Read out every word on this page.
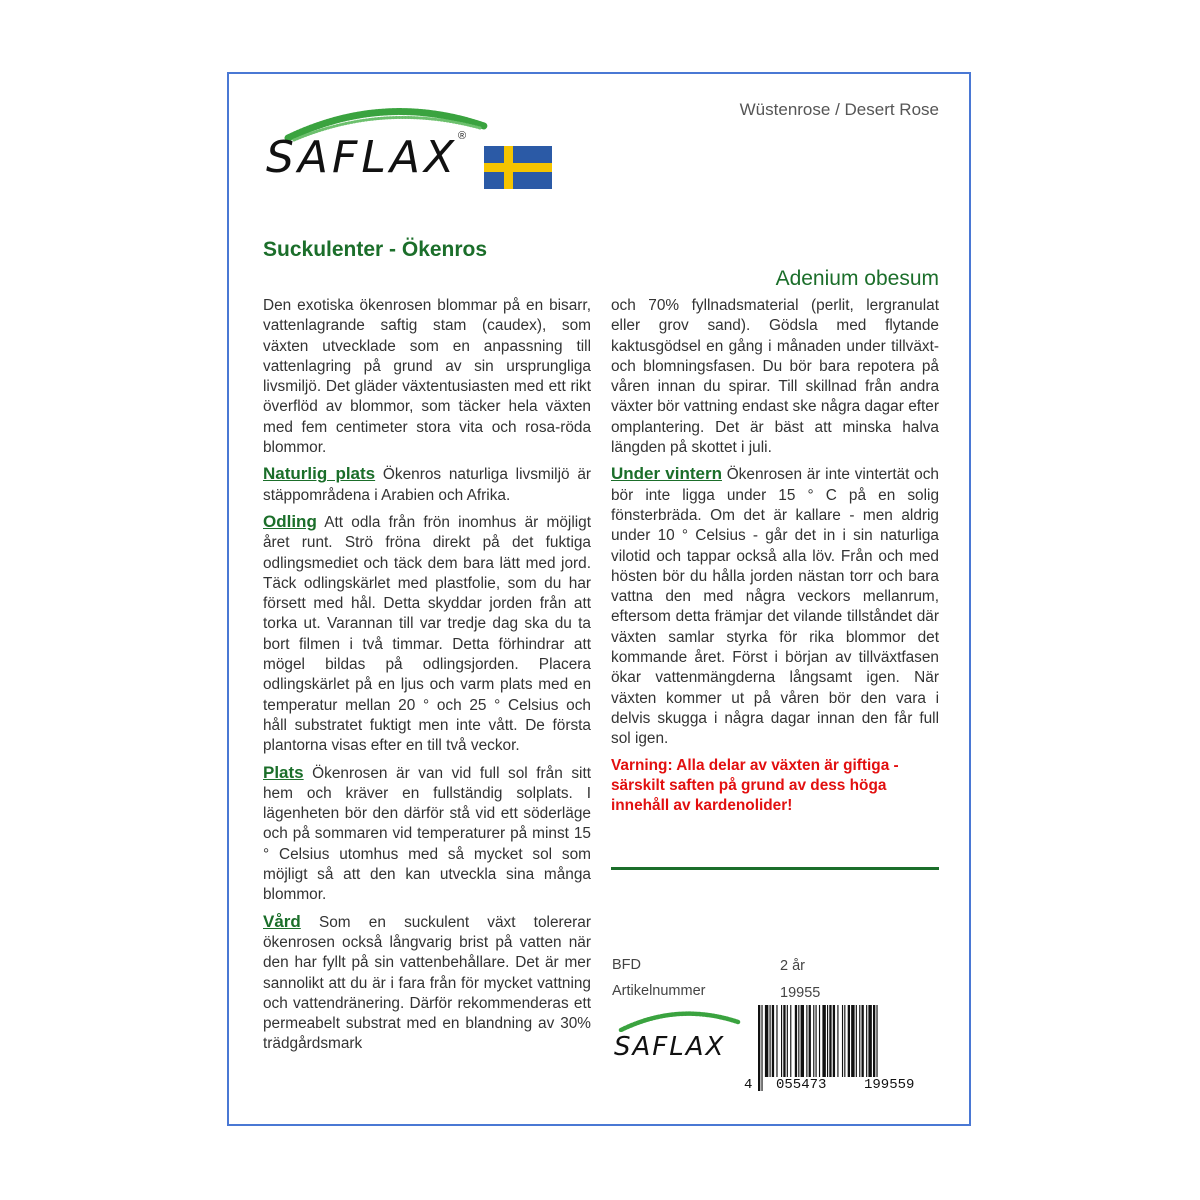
SAFLAX ®
Wüstenrose / Desert Rose
Suckulenter - Ökenros
Adenium obesum

Den exotiska ökenrosen blommar på en bisarr, vattenlagrande saftig stam (caudex), som växten utvecklade som en anpassning till vattenlagring på grund av sin ursprungliga livsmiljö. Det gläder växtentusiasten med ett rikt överflöd av blommor, som täcker hela växten med fem centimeter stora vita och rosa-röda blommor.

Naturlig plats Ökenros naturliga livsmiljö är stäppområdena i Arabien och Afrika.

Odling Att odla från frön inomhus är möjligt året runt. Strö fröna direkt på det fuktiga odlingsmediet och täck dem bara lätt med jord. Täck odlingskärlet med plastfolie, som du har försett med hål. Detta skyddar jorden från att torka ut. Varannan till var tredje dag ska du ta bort filmen i två timmar. Detta förhindrar att mögel bildas på odlingsjorden. Placera odlingskärlet på en ljus och varm plats med en temperatur mellan 20 ° och 25 ° Celsius och håll substratet fuktigt men inte vått. De första plantorna visas efter en till två veckor.

Plats Ökenrosen är van vid full sol från sitt hem och kräver en fullständig solplats. I lägenheten bör den därför stå vid ett söderläge och på sommaren vid temperaturer på minst 15 ° Celsius utomhus med så mycket sol som möjligt så att den kan utveckla sina många blommor.

Vård Som en suckulent växt tolererar ökenrosen också långvarig brist på vatten när den har fyllt på sin vattenbehållare. Det är mer sannolikt att du är i fara från för mycket vattning och vattendränering. Därför rekommenderas ett permeabelt substrat med en blandning av 30% trädgårdsmark

och 70% fyllnadsmaterial (perlit, lergranulat eller grov sand). Gödsla med flytande kaktusgödsel en gång i månaden under tillväxt- och blomningsfasen. Du bör bara repotera på våren innan du spirar. Till skillnad från andra växter bör vattning endast ske några dagar efter omplantering. Det är bäst att minska halva längden på skottet i juli.

Under vintern Ökenrosen är inte vintertät och bör inte ligga under 15 ° C på en solig fönsterbräda. Om det är kallare - men aldrig under 10 ° Celsius - går det in i sin naturliga vilotid och tappar också alla löv. Från och med hösten bör du hålla jorden nästan torr och bara vattna den med några veckors mellanrum, eftersom detta främjar det vilande tillståndet där växten samlar styrka för rika blommor det kommande året. Först i början av tillväxtfasen ökar vattenmängderna långsamt igen. När växten kommer ut på våren bör den vara i delvis skugga i några dagar innan den får full sol igen.

Varning: Alla delar av växten är giftiga - särskilt saften på grund av dess höga innehåll av kardenolider!

BFD	2 år
Artikelnummer	19955
SAFLAX
4 055473	199559
